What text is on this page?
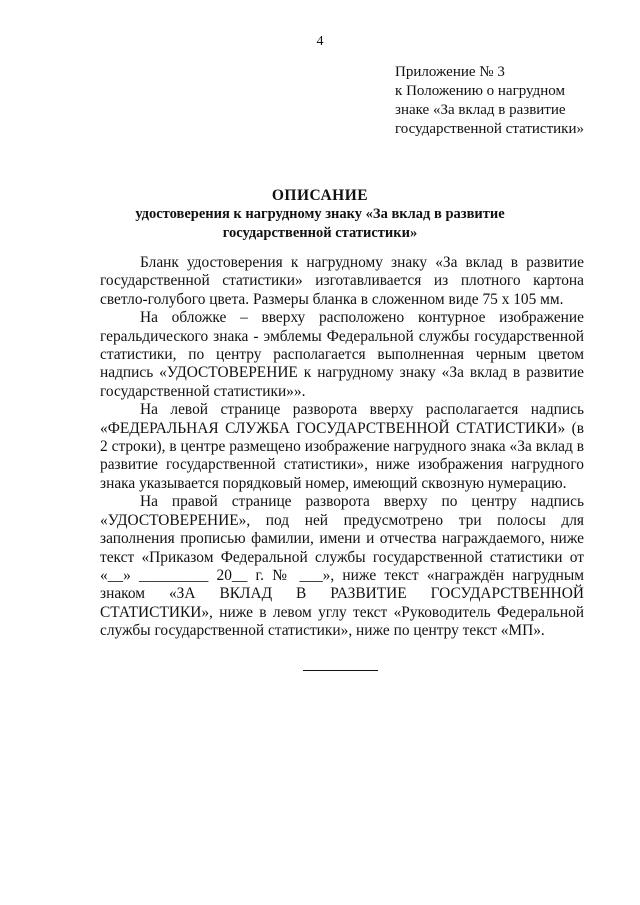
4
Приложение № 3
к Положению о нагрудном
знаке «За вклад в развитие
государственной статистики»
ОПИСАНИЕ
удостоверения к нагрудному знаку «За вклад в развитие
государственной статистики»

Бланк удостоверения к нагрудному знаку «За вклад в развитие государственной статистики» изготавливается из плотного картона светло-голубого цвета. Размеры бланка в сложенном виде 75 х 105 мм.

На обложке – вверху расположено контурное изображение геральдического знака - эмблемы Федеральной службы государственной статистики, по центру располагается выполненная черным цветом надпись «УДОСТОВЕРЕНИЕ к нагрудному знаку «За вклад в развитие государственной статистики»».

На левой странице разворота вверху располагается надпись «ФЕДЕРАЛЬНАЯ СЛУЖБА ГОСУДАРСТВЕННОЙ СТАТИСТИКИ» (в 2 строки), в центре размещено изображение нагрудного знака «За вклад в развитие государственной статистики», ниже изображения нагрудного знака указывается порядковый номер, имеющий сквозную нумерацию.

На правой странице разворота вверху по центру надпись «УДОСТОВЕРЕНИЕ», под ней предусмотрено три полосы для заполнения прописью фамилии, имени и отчества награждаемого, ниже текст «Приказом Федеральной службы государственной статистики от «__» _________ 20__ г. № ___», ниже текст «награждён нагрудным знаком «ЗА ВКЛАД В РАЗВИТИЕ ГОСУДАРСТВЕННОЙ СТАТИСТИКИ», ниже в левом углу текст «Руководитель Федеральной службы государственной статистики», ниже по центру текст «МП».
